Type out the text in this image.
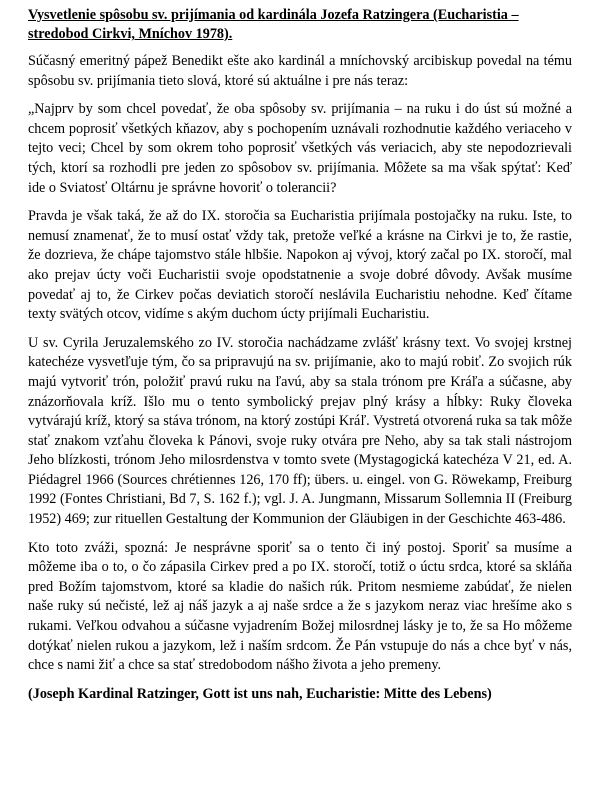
Vysvetlenie spôsobu sv. prijímania od kardinála Jozefa Ratzingera (Eucharistia – stredobod Cirkvi, Mníchov 1978).

Súčasný emeritný pápež Benedikt ešte ako kardinál a mníchovský arcibiskup povedal na tému spôsobu sv. prijímania tieto slová, ktoré sú aktuálne i pre nás teraz:

„Najprv by som chcel povedať, že oba spôsoby sv. prijímania – na ruku i do úst sú možné a chcem poprosiť všetkých kňazov, aby s pochopením uznávali rozhodnutie každého veriaceho v tejto veci; Chcel by som okrem toho poprosiť všetkých vás veriacich, aby ste nepodozrievali tých, ktorí sa rozhodli pre jeden zo spôsobov sv. prijímania. Môžete sa ma však spýtať: Keď ide o Sviatosť Oltárnu je správne hovoriť o tolerancii?

Pravda je však taká, že až do IX. storočia sa Eucharistia prijímala postojačky na ruku. Iste, to nemusí znamenať, že to musí ostať vždy tak, pretože veľké a krásne na Cirkvi je to, že rastie, že dozrieva, že chápe tajomstvo stále hlbšie. Napokon aj vývoj, ktorý začal po IX. storočí, mal ako prejav úcty voči Eucharistii svoje opodstatnenie a svoje dobré dôvody. Avšak musíme povedať aj to, že Cirkev počas deviatich storočí neslávila Eucharistiu nehodne. Keď čítame texty svätých otcov, vidíme s akým duchom úcty prijímali Eucharistiu.

U sv. Cyrila Jeruzalemského zo IV. storočia nachádzame zvlášť krásny text. Vo svojej krstnej katechéze vysvetľuje tým, čo sa pripravujú na sv. prijímanie, ako to majú robiť. Zo svojich rúk majú vytvoriť trón, položiť pravú ruku na ľavú, aby sa stala trónom pre Kráľa a súčasne, aby znázorňovala kríž. Išlo mu o tento symbolický prejav plný krásy a hĺbky: Ruky človeka vytvárajú kríž, ktorý sa stáva trónom, na ktorý zostúpi Kráľ. Vystretá otvorená ruka sa tak môže stať znakom vzťahu človeka k Pánovi, svoje ruky otvára pre Neho, aby sa tak stali nástrojom Jeho blízkosti, trónom Jeho milosrdenstva v tomto svete (Mystagogická katechéza V 21, ed. A. Piédagrel 1966 (Sources chrétiennes 126, 170 ff); übers. u. eingel. von G. Röwekamp, Freiburg 1992 (Fontes Christiani, Bd 7, S. 162 f.); vgl. J. A. Jungmann, Missarum Sollemnia II (Freiburg 1952) 469; zur rituellen Gestaltung der Kommunion der Gläubigen in der Geschichte 463-486.

Kto toto zváži, spozná: Je nesprávne sporiť sa o tento či iný postoj. Sporiť sa musíme a môžeme iba o to, o čo zápasila Cirkev pred a po IX. storočí, totiž o úctu srdca, ktoré sa skláňa pred Božím tajomstvom, ktoré sa kladie do našich rúk. Pritom nesmieme zabúdať, že nielen naše ruky sú nečisté, lež aj náš jazyk a aj naše srdce a že s jazykom neraz viac hrešíme ako s rukami. Veľkou odvahou a súčasne vyjadrením Božej milosrdnej lásky je to, že sa Ho môžeme dotýkať nielen rukou a jazykom, lež i naším srdcom. Že Pán vstupuje do nás a chce byť v nás, chce s nami žiť a chce sa stať stredobodom nášho života a jeho premeny.

(Joseph Kardinal Ratzinger, Gott ist uns nah, Eucharistie: Mitte des Lebens)
